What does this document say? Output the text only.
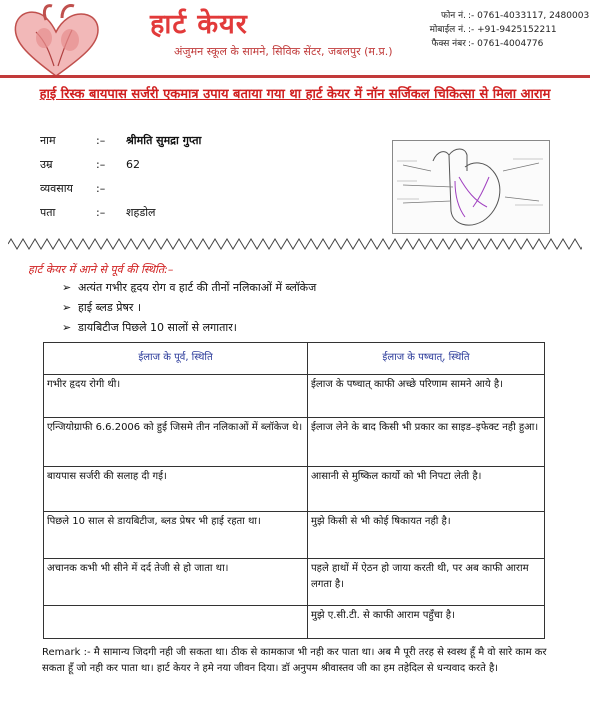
हार्ट केयर
अंजुमन स्कूल के सामने, सिविक सेंटर, जबलपुर (म.प्र.)
फोन नं. :- 0761-4033117, 2480003
मोबाईल नं. :- +91-9425152211
फैक्स नंबर :- 0761-4004776
हाई रिस्क बायपास सर्जरी एकमात्र उपाय बताया गया था हार्ट केयर में नॉन सर्जिकल चिकित्सा से मिला आराम
नाम	:– श्रीमति सुमद्रा गुप्ता
उम्र	:– 62
व्यवसाय :–
पता	:– शहडोल
हार्ट केयर में आने से पूर्व की स्थिति:–
➢ अत्यंत गभीर हृदय रोग व हार्ट की तीनों नलिकाओं में ब्लॉकेज
➢ हाई ब्लड प्रेषर ।
➢ डायबिटीज पिछले 10 सालों से लगातार।
ईलाज के पूर्व, स्थिति	ईलाज के पष्चात्, स्थिति
गभीर हृदय रोगी थी।	ईलाज के पष्चात् काफी अच्छे परिणाम सामने आये है।
एन्जियोग्राफी 6.6.2006 को हुई जिसमे तीन नलिकाओं में ब्लॉकेज थे।	ईलाज लेने के बाद किसी भी प्रकार का साइड–इफेक्ट नही हुआ।
बायपास सर्जरी की सलाह दी गई।	आसानी से मुष्किल कार्यो को भी निपटा लेती है।
पिछले 10 साल से डायबिटीज, ब्लड प्रेषर भी हाई रहता था।	मुझे किसी से भी कोई षिकायत नही है।
अचानक कभी भी सीने में दर्द तेजी से हो जाता था।	पहले हाथों में ऐठन हो जाया करती थी, पर अब काफी आराम लगता है।
	मुझे ए.सी.टी. से काफी आराम पहुँचा है।
Remark :- मै सामान्य जिदगी नही जी सकता था। ठीक से कामकाज भी नही कर पाता था। अब मै पूरी तरह से स्वस्थ हूँ मै वो सारे काम कर सकता हूँ जो नही कर पाता था। हार्ट केयर ने हमे नया जीवन दिया। डॉ अनुपम श्रीवास्तव जी का हम तहेदिल से धन्यवाद करते है।
